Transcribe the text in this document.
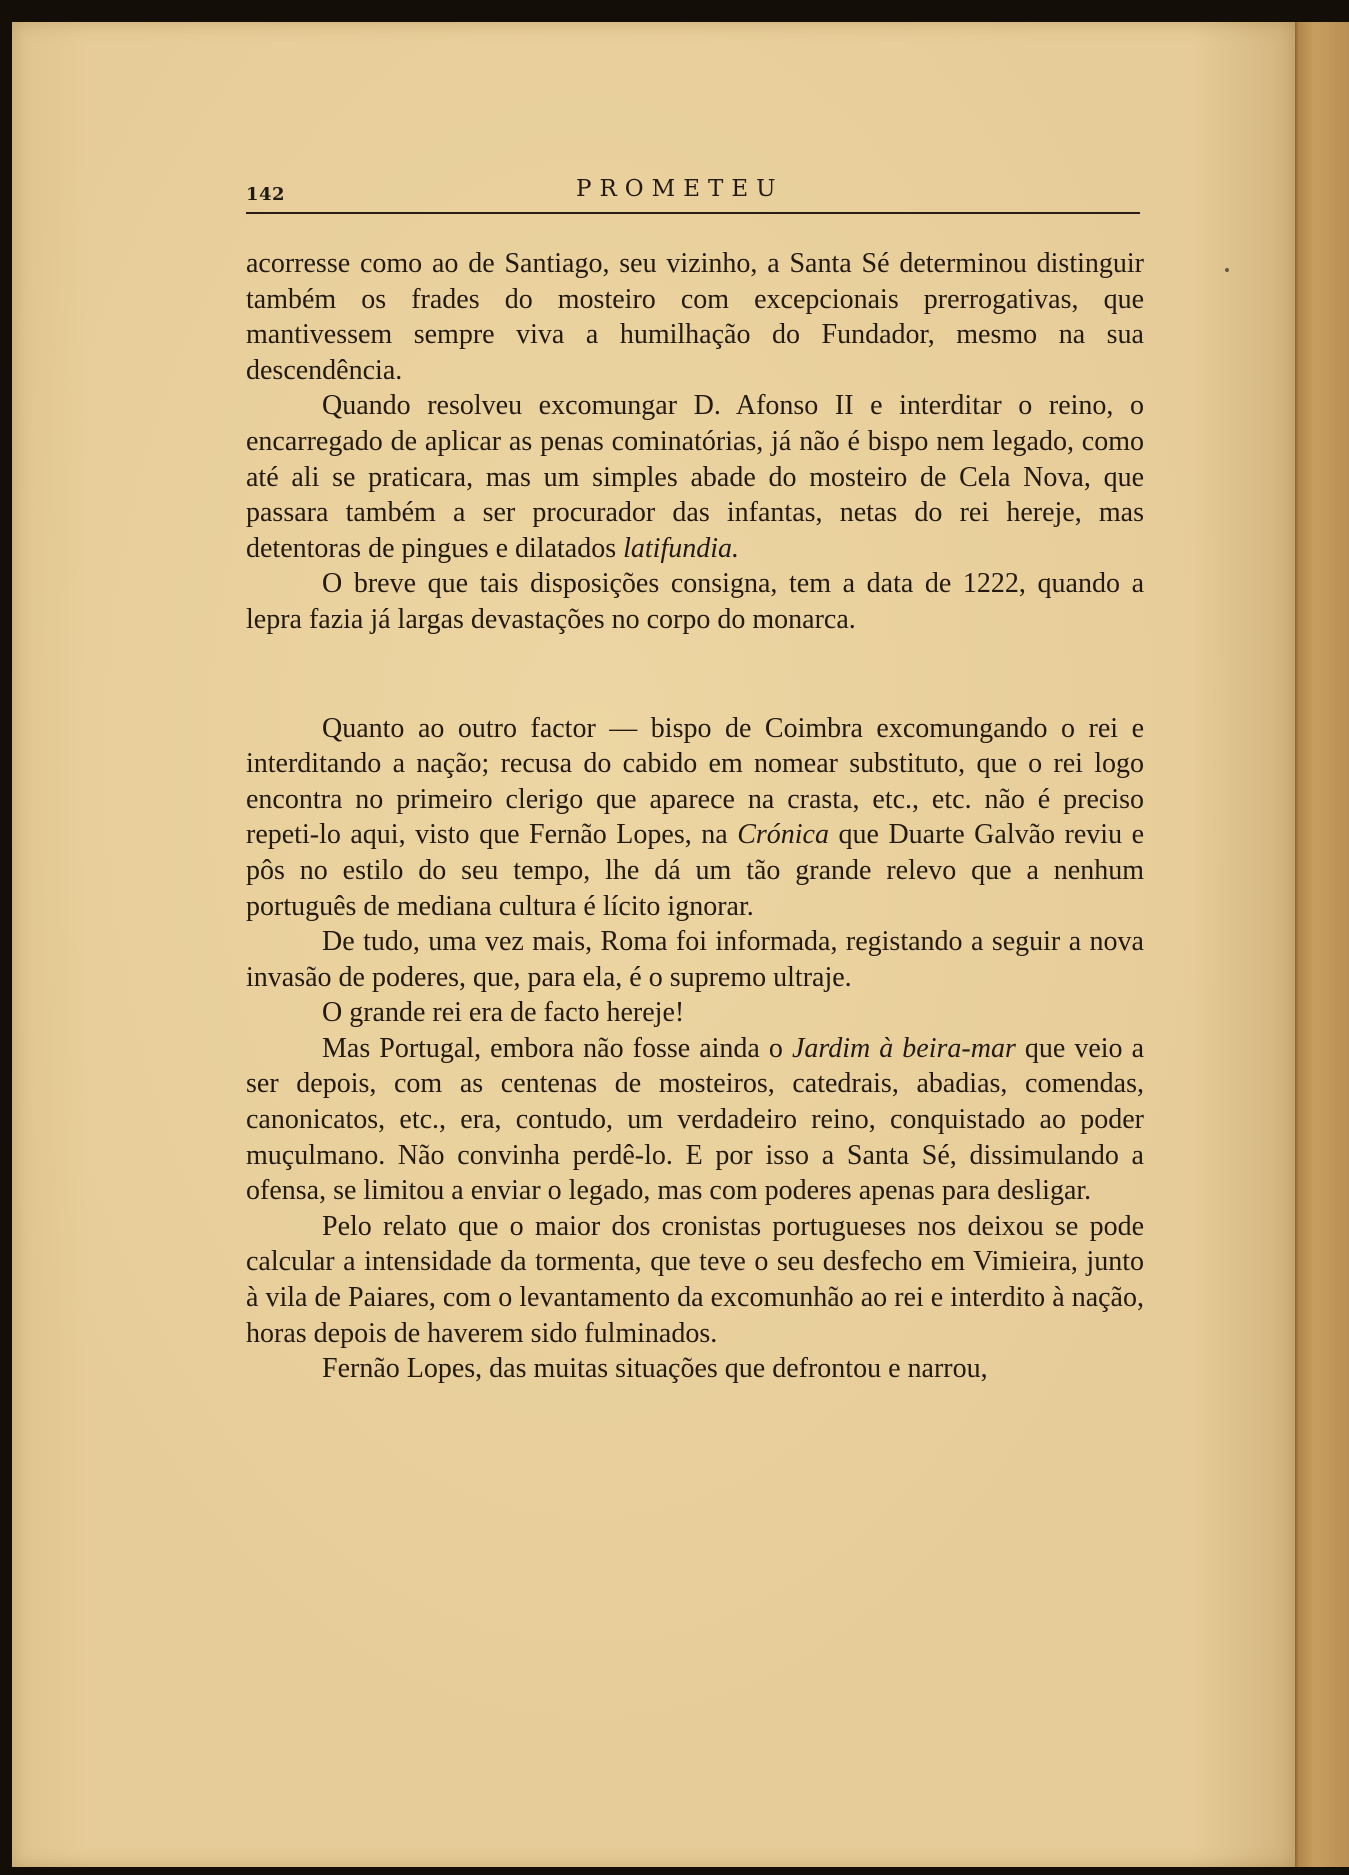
142	PROMETEU

acorresse como ao de Santiago, seu vizinho, a Santa Sé determinou distinguir também os frades do mosteiro com excepcionais prerrogativas, que mantivessem sempre viva a humilhação do Fundador, mesmo na sua descendência.

Quando resolveu excomungar D. Afonso II e interditar o reino, o encarregado de aplicar as penas cominatórias, já não é bispo nem legado, como até ali se praticara, mas um simples abade do mosteiro de Cela Nova, que passara também a ser procurador das infantas, netas do rei hereje, mas detentoras de pingues e dilatados latifundia.

O breve que tais disposições consigna, tem a data de 1222, quando a lepra fazia já largas devastações no corpo do monarca.

Quanto ao outro factor — bispo de Coimbra excomungando o rei e interditando a nação; recusa do cabido em nomear substituto, que o rei logo encontra no primeiro clerigo que aparece na crasta, etc., etc. não é preciso repeti-lo aqui, visto que Fernão Lopes, na Crónica que Duarte Galvão reviu e pôs no estilo do seu tempo, lhe dá um tão grande relevo que a nenhum português de mediana cultura é lícito ignorar.

De tudo, uma vez mais, Roma foi informada, registando a seguir a nova invasão de poderes, que, para ela, é o supremo ultraje.

O grande rei era de facto hereje!

Mas Portugal, embora não fosse ainda o Jardim à beira-mar que veio a ser depois, com as centenas de mosteiros, catedrais, abadias, comendas, canonicatos, etc., era, contudo, um verdadeiro reino, conquistado ao poder muçulmano. Não convinha perdê-lo. E por isso a Santa Sé, dissimulando a ofensa, se limitou a enviar o legado, mas com poderes apenas para desligar.

Pelo relato que o maior dos cronistas portugueses nos deixou se pode calcular a intensidade da tormenta, que teve o seu desfecho em Vimieira, junto à vila de Paiares, com o levantamento da excomunhão ao rei e interdito à nação, horas depois de haverem sido fulminados.

Fernão Lopes, das muitas situações que defrontou e narrou,
